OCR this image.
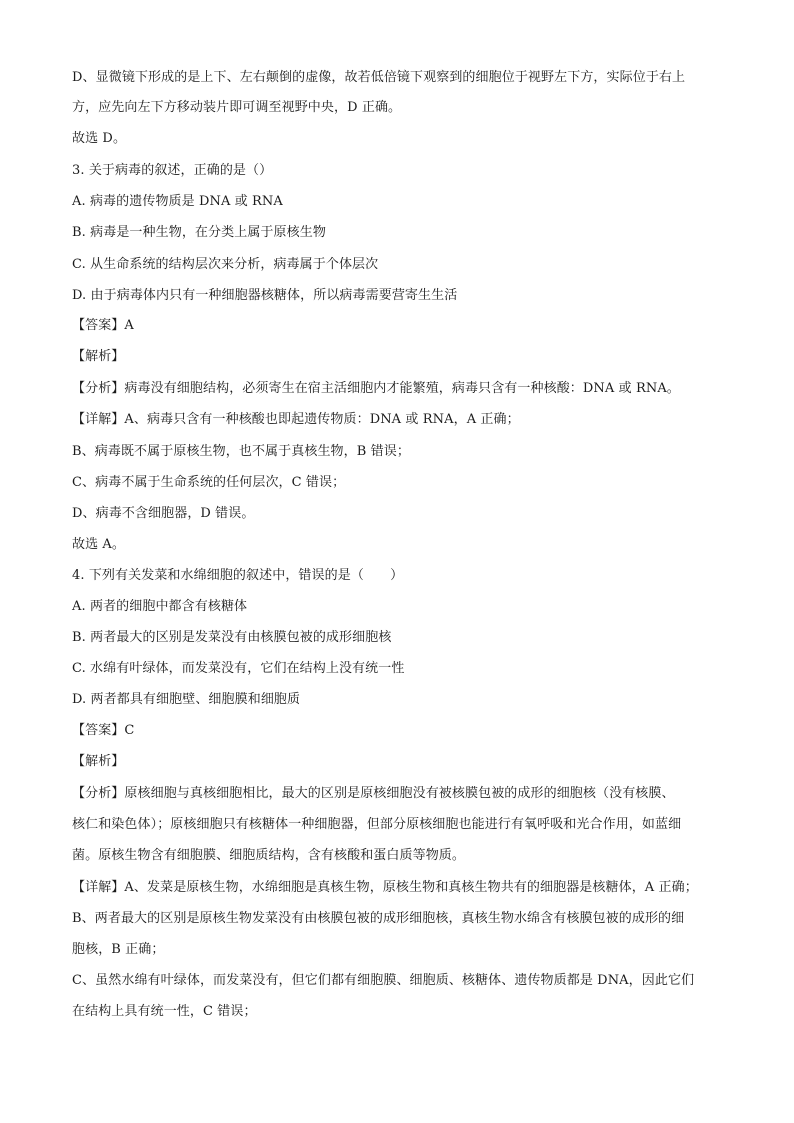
D、显微镜下形成的是上下、左右颠倒的虚像，故若低倍镜下观察到的细胞位于视野左下方，实际位于右上
方，应先向左下方移动装片即可调至视野中央，D 正确。
故选 D。
3. 关于病毒的叙述，正确的是（）
A. 病毒的遗传物质是 DNA 或 RNA
B. 病毒是一种生物，在分类上属于原核生物
C. 从生命系统的结构层次来分析，病毒属于个体层次
D. 由于病毒体内只有一种细胞器核糖体，所以病毒需要营寄生生活
【答案】A
【解析】
【分析】病毒没有细胞结构，必须寄生在宿主活细胞内才能繁殖，病毒只含有一种核酸：DNA 或 RNA。
【详解】A、病毒只含有一种核酸也即起遗传物质：DNA 或 RNA，A 正确；
B、病毒既不属于原核生物，也不属于真核生物，B 错误；
C、病毒不属于生命系统的任何层次，C 错误；
D、病毒不含细胞器，D 错误。
故选 A。
4. 下列有关发菜和水绵细胞的叙述中，错误的是（　　）
A. 两者的细胞中都含有核糖体
B. 两者最大的区别是发菜没有由核膜包被的成形细胞核
C. 水绵有叶绿体，而发菜没有，它们在结构上没有统一性
D. 两者都具有细胞壁、细胞膜和细胞质
【答案】C
【解析】
【分析】原核细胞与真核细胞相比，最大的区别是原核细胞没有被核膜包被的成形的细胞核（没有核膜、
核仁和染色体）；原核细胞只有核糖体一种细胞器，但部分原核细胞也能进行有氧呼吸和光合作用，如蓝细
菌。原核生物含有细胞膜、细胞质结构，含有核酸和蛋白质等物质。
【详解】A、发菜是原核生物，水绵细胞是真核生物，原核生物和真核生物共有的细胞器是核糖体，A 正确；
B、两者最大的区别是原核生物发菜没有由核膜包被的成形细胞核，真核生物水绵含有核膜包被的成形的细
胞核，B 正确；
C、虽然水绵有叶绿体，而发菜没有，但它们都有细胞膜、细胞质、核糖体、遗传物质都是 DNA，因此它们
在结构上具有统一性，C 错误；
